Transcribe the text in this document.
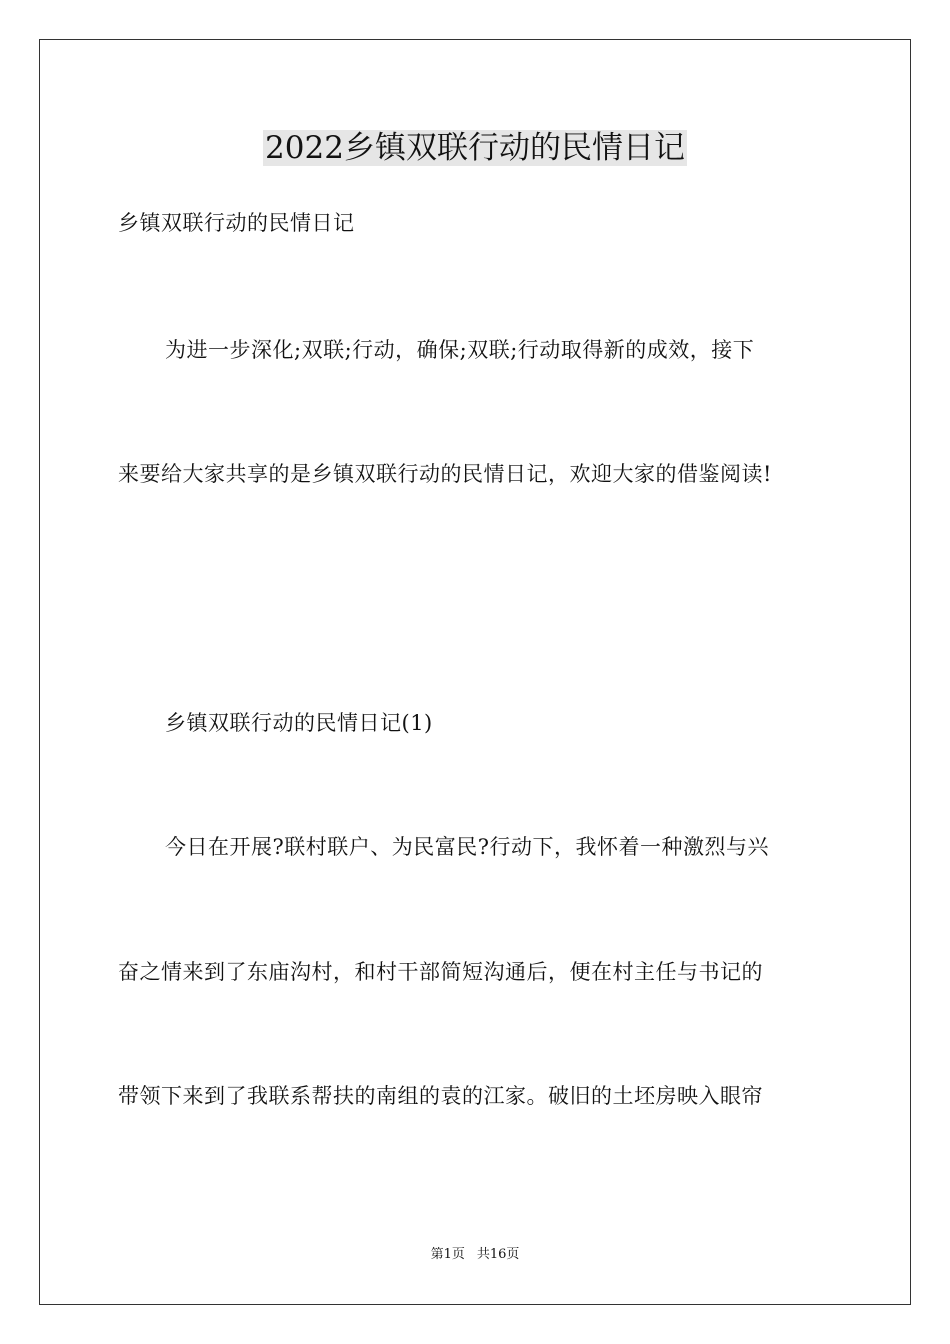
2022乡镇双联行动的民情日记

乡镇双联行动的民情日记

为进一步深化;双联;行动，确保;双联;行动取得新的成效，接下

来要给大家共享的是乡镇双联行动的民情日记，欢迎大家的借鉴阅读!

乡镇双联行动的民情日记(1)

今日在开展?联村联户、为民富民?行动下，我怀着一种激烈与兴

奋之情来到了东庙沟村，和村干部简短沟通后，便在村主任与书记的

带领下来到了我联系帮扶的南组的袁的江家。破旧的土坯房映入眼帘

第1页 共16页
